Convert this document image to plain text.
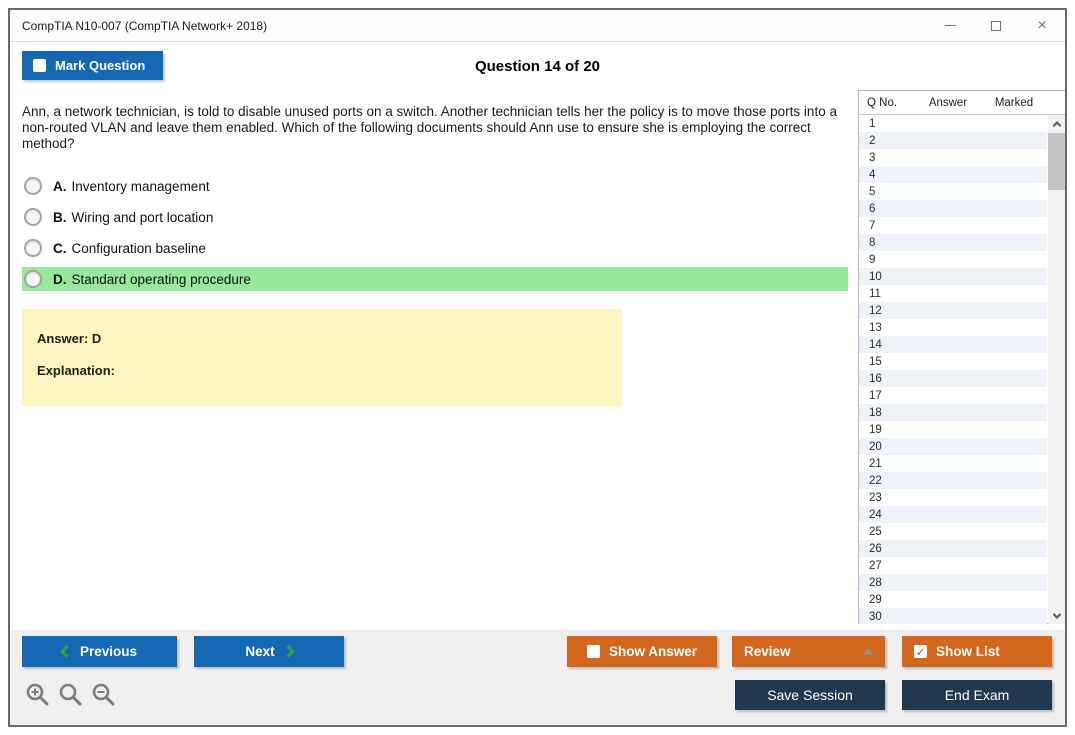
CompTIA N10-007 (CompTIA Network+ 2018)	×
Question 14 of 20
Mark Question
Ann, a network technician, is told to disable unused ports on a switch. Another technician tells her the policy is to move those ports into a non-routed VLAN and leave them enabled. Which of the following documents should Ann use to ensure she is employing the correct method?
A. Inventory management
B. Wiring and port location
C. Configuration baseline
D. Standard operating procedure
Answer: D
Explanation:
Q No.	Answer	Marked
1
2
3
4
5
6
7
8
9
10
11
12
13
14
15
16
17
18
19
20
21
22
23
24
25
26
27
28
29
30
Previous	Next	Show Answer	Review	✓ Show List
Save Session	End Exam
